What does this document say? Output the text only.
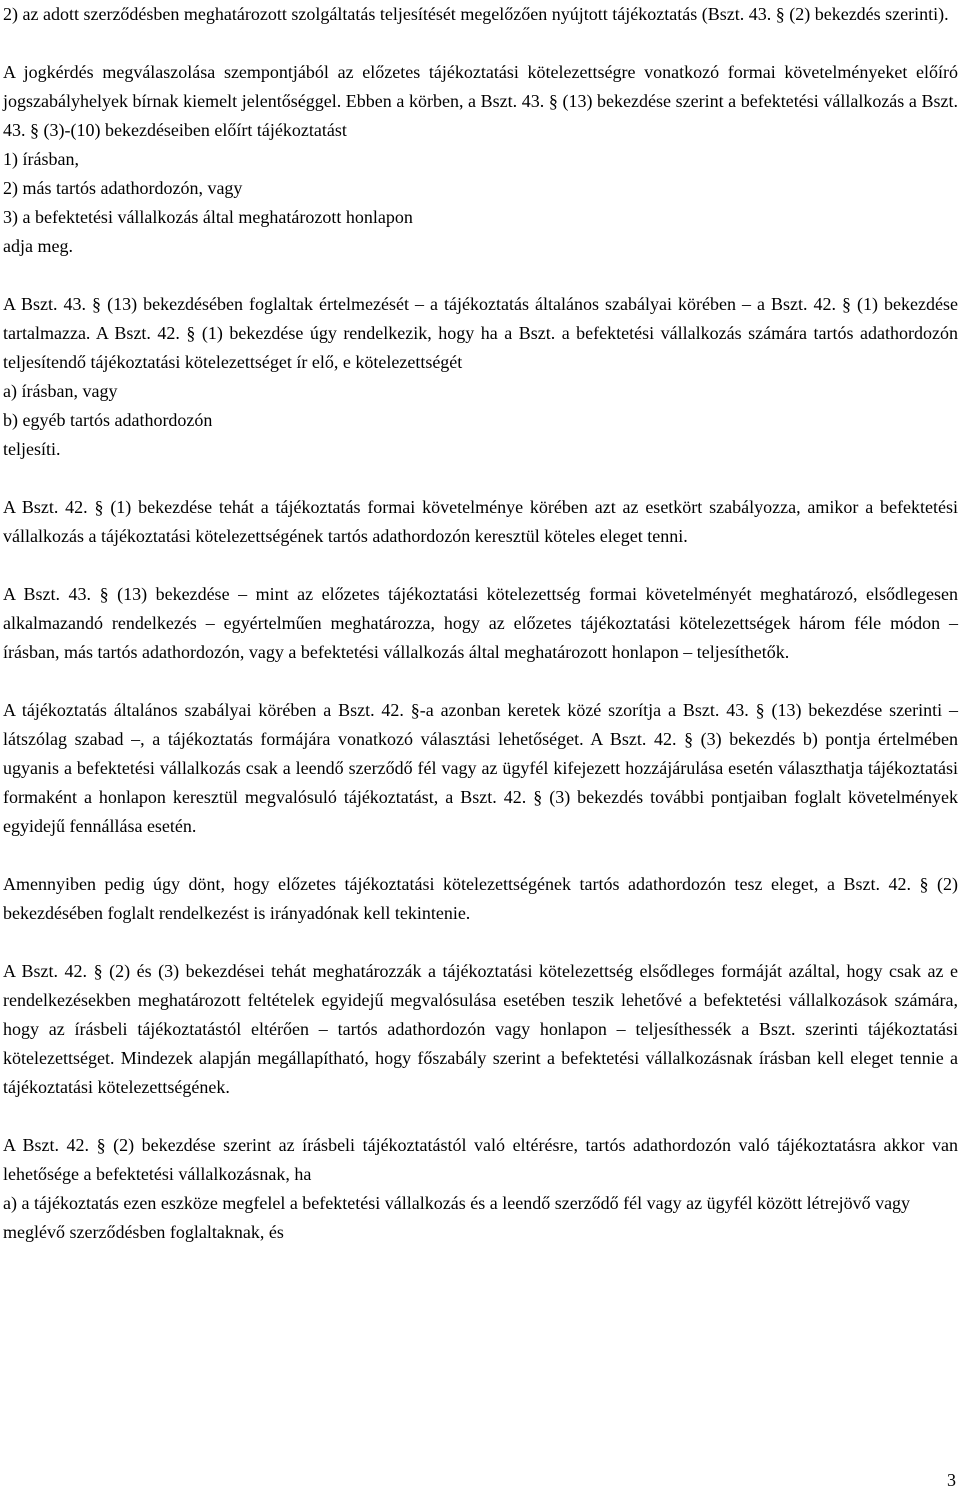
2) az adott szerződésben meghatározott szolgáltatás teljesítését megelőzően nyújtott tájékoztatás (Bszt. 43. § (2) bekezdés szerinti).
A jogkérdés megválaszolása szempontjából az előzetes tájékoztatási kötelezettségre vonatkozó formai követelményeket előíró jogszabályhelyek bírnak kiemelt jelentőséggel. Ebben a körben, a Bszt. 43. § (13) bekezdése szerint a befektetési vállalkozás a Bszt. 43. § (3)-(10) bekezdéseiben előírt tájékoztatást
1) írásban,
2) más tartós adathordozón, vagy
3) a befektetési vállalkozás által meghatározott honlapon
adja meg.
A Bszt. 43. § (13) bekezdésében foglaltak értelmezését – a tájékoztatás általános szabályai körében – a Bszt. 42. § (1) bekezdése tartalmazza. A Bszt. 42. § (1) bekezdése úgy rendelkezik, hogy ha a Bszt. a befektetési vállalkozás számára tartós adathordozón teljesítendő tájékoztatási kötelezettséget ír elő, e kötelezettségét
a) írásban, vagy
b) egyéb tartós adathordozón
teljesíti.
A Bszt. 42. § (1) bekezdése tehát a tájékoztatás formai követelménye körében azt az esetkört szabályozza, amikor a befektetési vállalkozás a tájékoztatási kötelezettségének tartós adathordozón keresztül köteles eleget tenni.
A Bszt. 43. § (13) bekezdése – mint az előzetes tájékoztatási kötelezettség formai követelményét meghatározó, elsődlegesen alkalmazandó rendelkezés – egyértelműen meghatározza, hogy az előzetes tájékoztatási kötelezettségek három féle módon – írásban, más tartós adathordozón, vagy a befektetési vállalkozás által meghatározott honlapon – teljesíthetők.
A tájékoztatás általános szabályai körében a Bszt. 42. §-a azonban keretek közé szorítja a Bszt. 43. § (13) bekezdése szerinti – látszólag szabad –, a tájékoztatás formájára vonatkozó választási lehetőséget. A Bszt. 42. § (3) bekezdés b) pontja értelmében ugyanis a befektetési vállalkozás csak a leendő szerződő fél vagy az ügyfél kifejezett hozzájárulása esetén választhatja tájékoztatási formaként a honlapon keresztül megvalósuló tájékoztatást, a Bszt. 42. § (3) bekezdés további pontjaiban foglalt követelmények egyidejű fennállása esetén.
Amennyiben pedig úgy dönt, hogy előzetes tájékoztatási kötelezettségének tartós adathordozón tesz eleget, a Bszt. 42. § (2) bekezdésében foglalt rendelkezést is irányadónak kell tekintenie.
A Bszt. 42. § (2) és (3) bekezdései tehát meghatározzák a tájékoztatási kötelezettség elsődleges formáját azáltal, hogy csak az e rendelkezésekben meghatározott feltételek egyidejű megvalósulása esetében teszik lehetővé a befektetési vállalkozások számára, hogy az írásbeli tájékoztatástól eltérően – tartós adathordozón vagy honlapon – teljesíthessék a Bszt. szerinti tájékoztatási kötelezettséget. Mindezek alapján megállapítható, hogy főszabály szerint a befektetési vállalkozásnak írásban kell eleget tennie a tájékoztatási kötelezettségének.
A Bszt. 42. § (2) bekezdése szerint az írásbeli tájékoztatástól való eltérésre, tartós adathordozón való tájékoztatásra akkor van lehetősége a befektetési vállalkozásnak, ha
a) a tájékoztatás ezen eszköze megfelel a befektetési vállalkozás és a leendő szerződő fél vagy az ügyfél között létrejövő vagy meglévő szerződésben foglaltaknak, és
3
